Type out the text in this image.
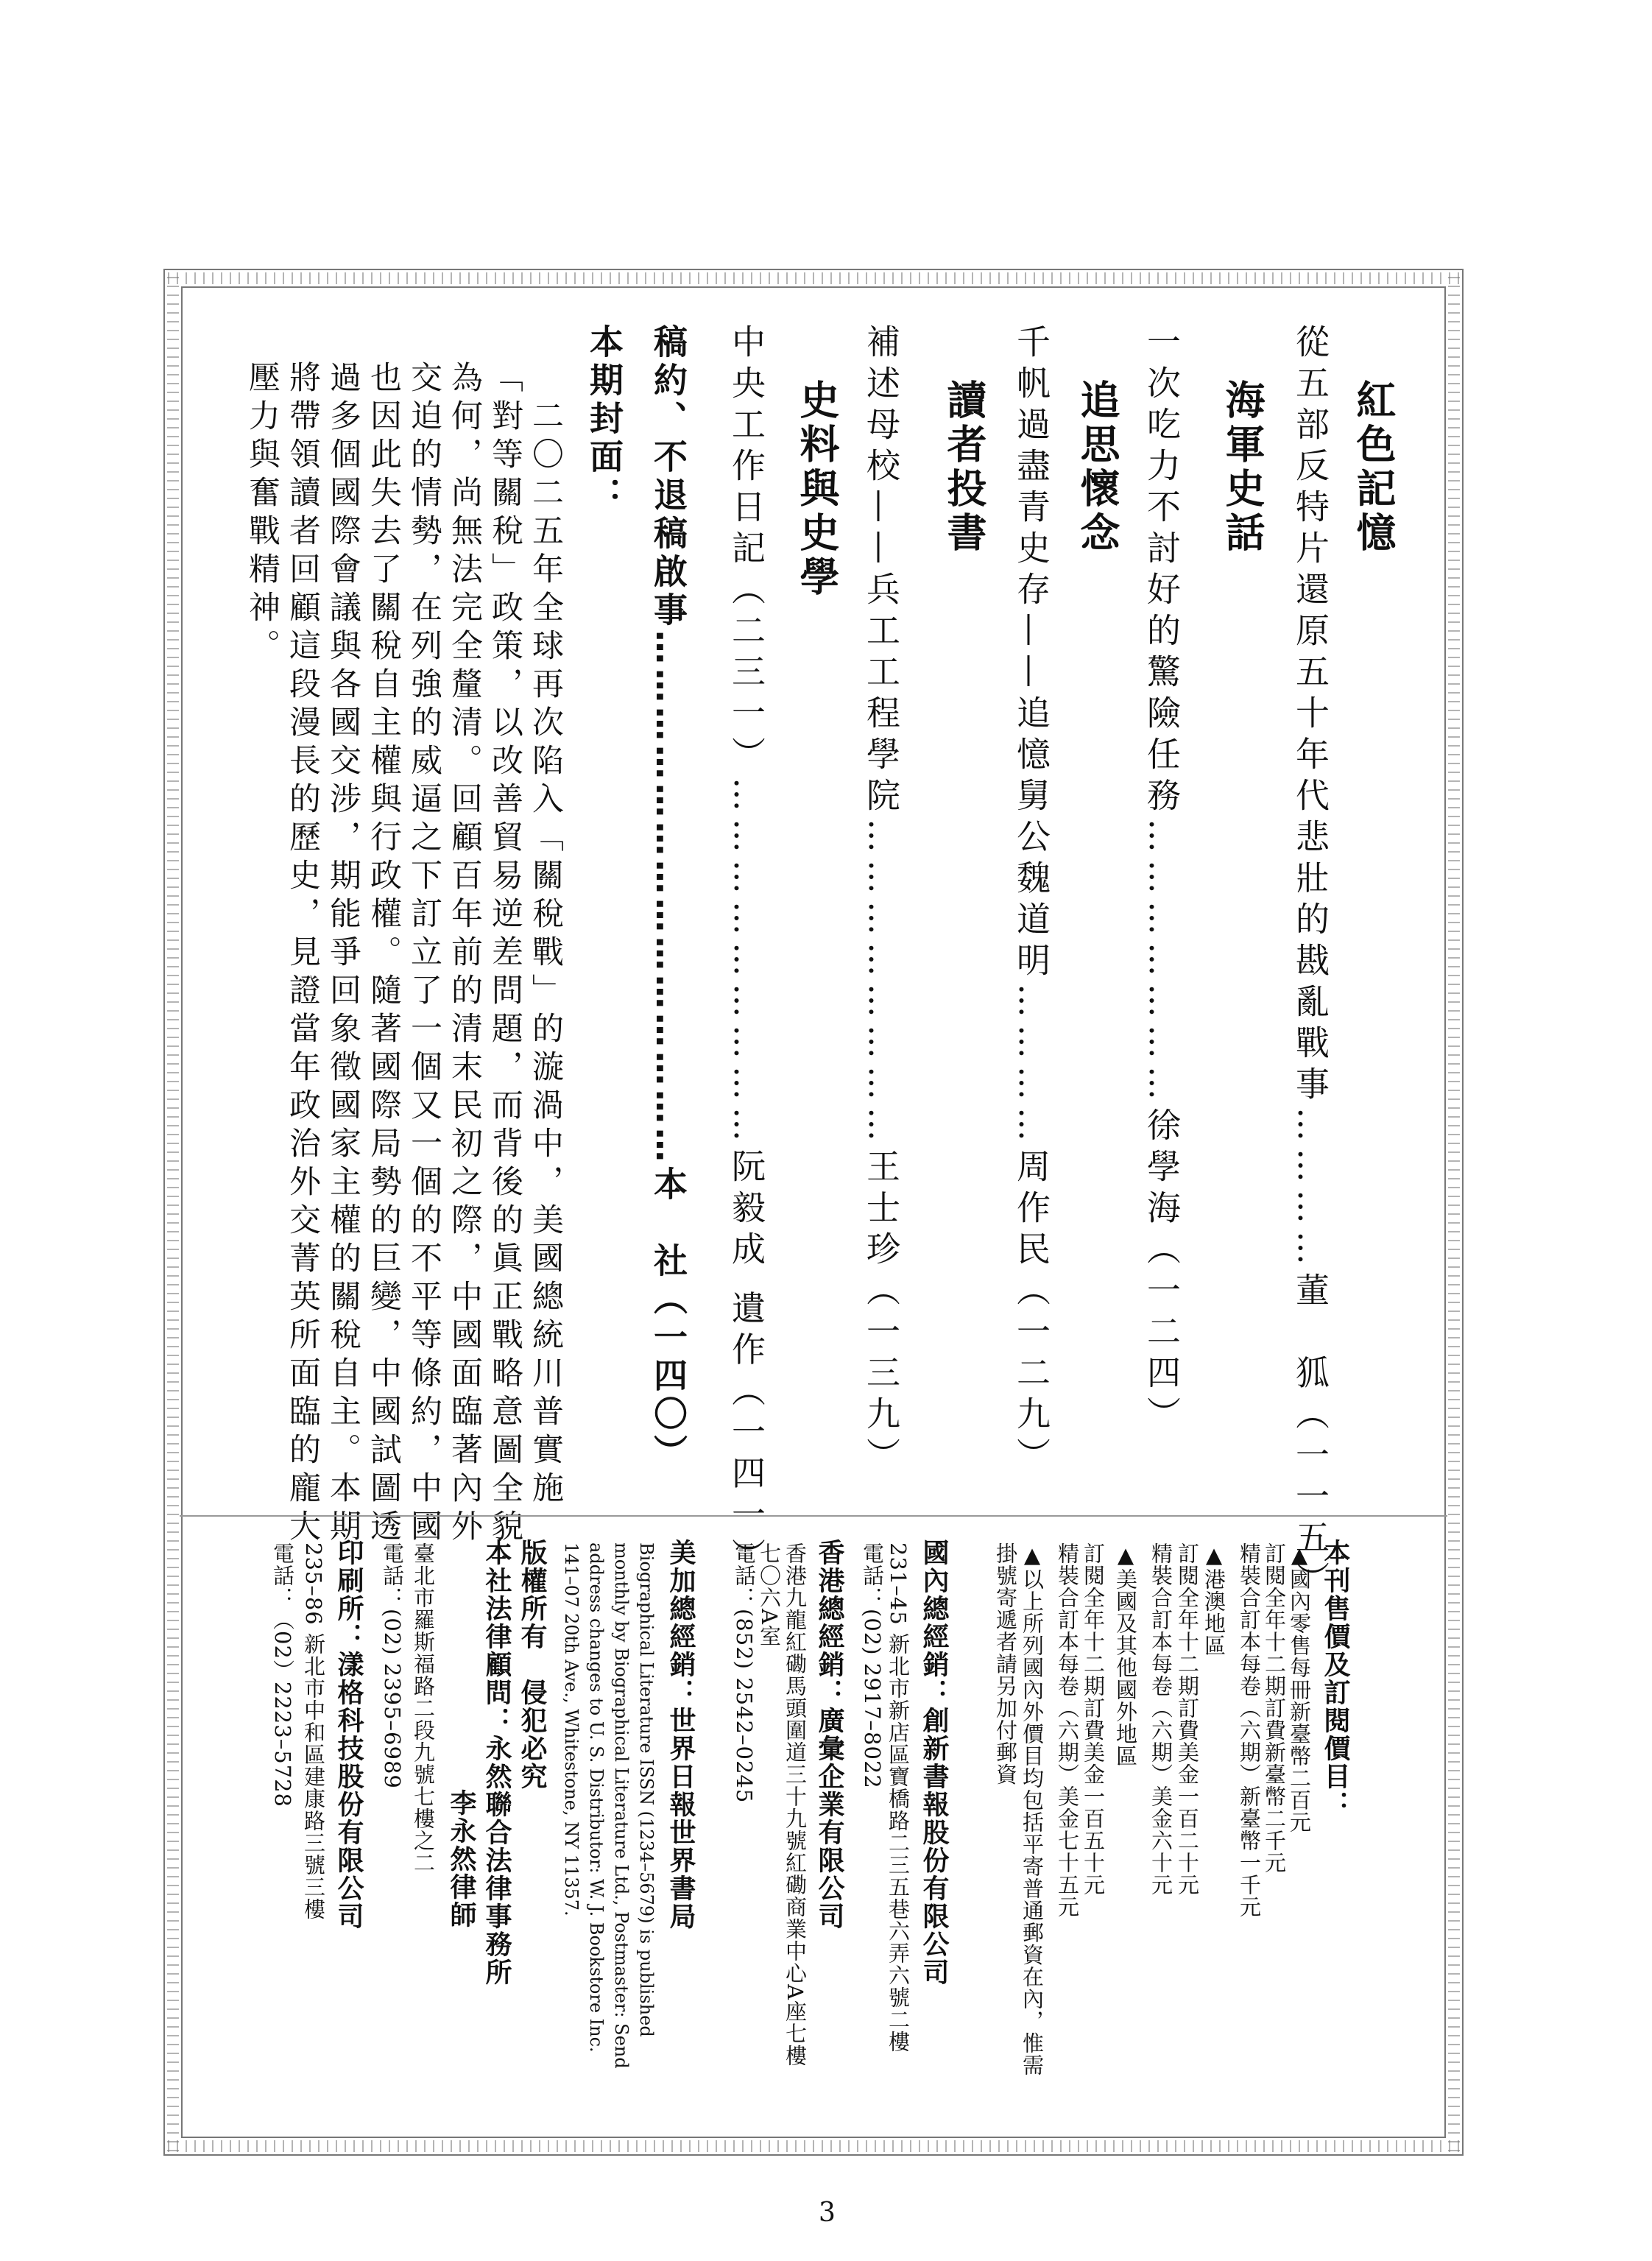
紅色記憶
從五部反特片還原五十年代悲壯的戡亂戰事…………董　狐（一一五）
海軍史話
一次吃力不討好的驚險任務…………………徐學海（一二四）
追思懷念
千帆過盡青史存——追憶舅公魏道明…………周作民（一二九）
讀者投書
補述母校——兵工工程學院……………………王士珍（一三九）
史料與史學
中央工作日記（二三一）………………………阮毅成 遺作（一四一）
稿約、不退稿啟事……………………………………本　社（一四〇）
本期封面：
　二〇二五年全球再次陷入「關稅戰」的漩渦中，美國總統川普實施
「對等關稅」政策，以改善貿易逆差問題，而背後的眞正戰略意圖全貌
為何，尚無法完全釐清。回顧百年前的清末民初之際，中國面臨著內外
交迫的情勢，在列強的威逼之下訂立了一個又一個的不平等條約，中國
也因此失去了關稅自主權與行政權。隨著國際局勢的巨變，中國試圖透
過多個國際會議與各國交涉，期能爭回象徵國家主權的關稅自主。本期
將帶領讀者回顧這段漫長的歷史，見證當年政治外交菁英所面臨的龐大
壓力與奮戰精神。
本刊售價及訂閱價目：
▲國內零售每冊新臺幣二百元
訂閱全年十二期訂費新臺幣二千元
精裝合訂本每卷（六期）新臺幣一千元
▲港澳地區
訂閱全年十二期訂費美金一百二十元
精裝合訂本每卷（六期）美金六十元
▲美國及其他國外地區
訂閱全年十二期訂費美金一百五十元
精裝合訂本每卷（六期）美金七十五元
▲以上所列國內外價目均包括平寄普通郵資在內，惟需
掛號寄遞者請另加付郵資
國內總經銷：創新書報股份有限公司
231–45 新北市新店區寶橋路二三五巷六弄六號二樓
電話：(02) 2917–8022
香港總經銷：廣彙企業有限公司
香港九龍紅磡馬頭圍道三十九號紅磡商業中心A座七樓
七〇六A室
電話：(852) 2542–0245
美加總經銷：世界日報世界書局
Biographical Literature ISSN (1234–5679) is published
monthly by Biographical Literature Ltd., Postmaster: Send
address changes to U. S. Distributor: W. J. Bookstore Inc.
141–07 20th Ave., Whitestone, NY 11357.
版權所有　侵犯必究
本社法律顧問：永然聯合法律事務所
李永然律師
臺北市羅斯福路二段九號七樓之二
電話：(02) 2395–6989
印刷所：漾格科技股份有限公司
235–86 新北市中和區建康路三號三樓
電話：（02）2223–5728
3
